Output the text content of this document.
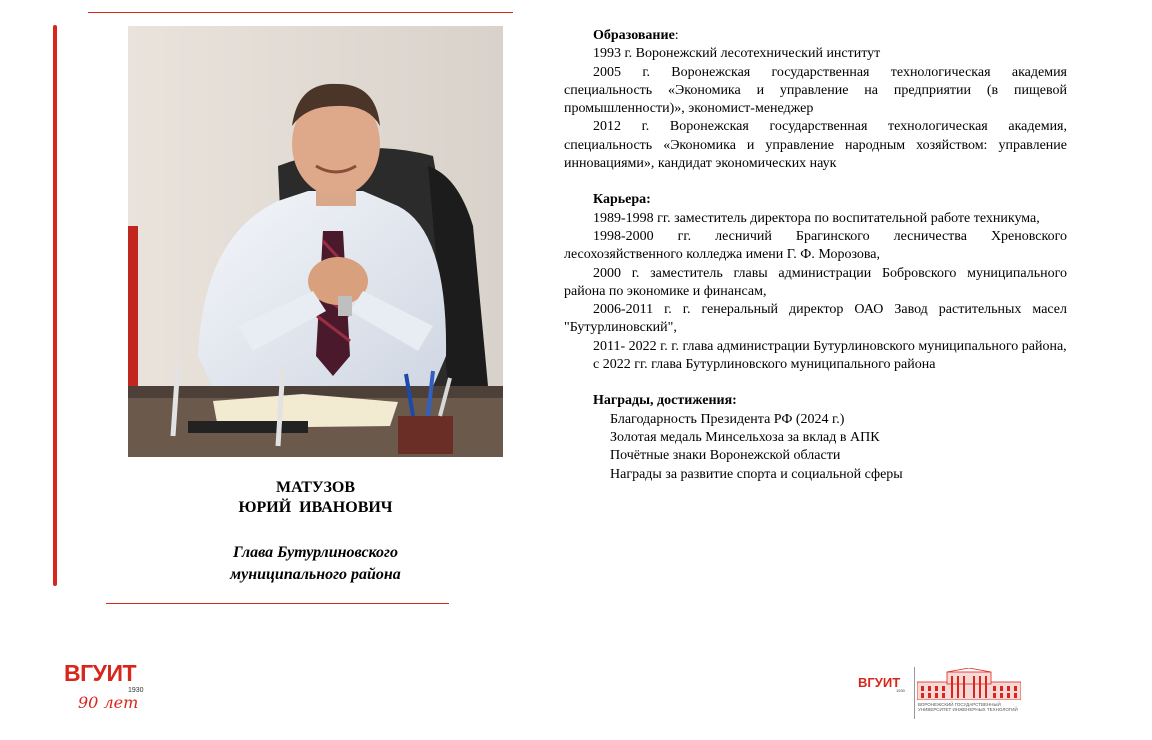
МАТУЗОВ
ЮРИЙ  ИВАНОВИЧ
Глава Бутурлиновского
муниципального района

Образование:

1993 г. Воронежский лесотехнический институт

2005 г. Воронежская государственная технологическая академия специальность «Экономика и управление на предприятии (в пищевой промышленности)», экономист-менеджер

2012 г. Воронежская государственная технологическая академия, специальность «Экономика и управление народным хозяйством: управление инновациями», кандидат экономических наук

Карьера:

1989-1998 гг. заместитель директора по воспитательной работе техникума,

1998-2000 гг. лесничий Брагинского лесничества Хреновского лесохозяйственного колледжа имени Г. Ф. Морозова,

2000 г. заместитель главы администрации Бобровского муниципального района по экономике и финансам,

2006-2011 г. г. генеральный директор ОАО Завод растительных масел "Бутурлиновский",

2011- 2022 г. г. глава администрации Бутурлиновского муниципального района,

с 2022 гг. глава Бутурлиновского муниципального района

Награды, достижения:

Благодарность Президента РФ (2024 г.)

Золотая медаль Минсельхоза за вклад в АПК

Почётные знаки Воронежской области

Награды за развитие спорта и социальной сферы

ВГУИТ
1930
90 лет
ВГУИТ
1930
ВОРОНЕЖСКИЙ ГОСУДАРСТВЕННЫЙ УНИВЕРСИТЕТ ИНЖЕНЕРНЫХ ТЕХНОЛОГИЙ
